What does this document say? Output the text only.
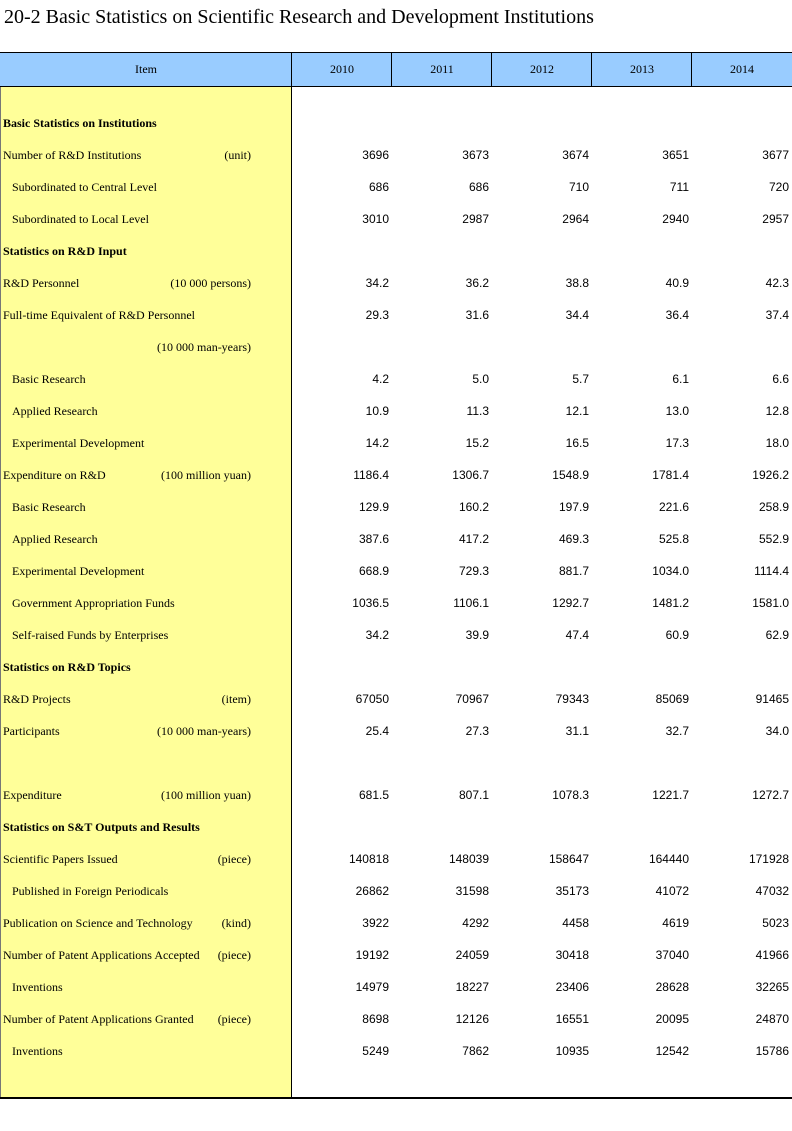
20-2 Basic Statistics on Scientific Research and Development Institutions
Item	2010	2011	2012	2013	2014
Basic Statistics on Institutions
Number of R&D Institutions	(unit)	3696	3673	3674	3651	3677
Subordinated to Central Level	686	686	710	711	720
Subordinated to Local Level	3010	2987	2964	2940	2957
Statistics on R&D Input
R&D Personnel	(10 000 persons)	34.2	36.2	38.8	40.9	42.3
Full-time Equivalent of R&D Personnel	29.3	31.6	34.4	36.4	37.4
(10 000 man-years)
Basic Research	4.2	5.0	5.7	6.1	6.6
Applied Research	10.9	11.3	12.1	13.0	12.8
Experimental Development	14.2	15.2	16.5	17.3	18.0
Expenditure on R&D	(100 million yuan)	1186.4	1306.7	1548.9	1781.4	1926.2
Basic Research	129.9	160.2	197.9	221.6	258.9
Applied Research	387.6	417.2	469.3	525.8	552.9
Experimental Development	668.9	729.3	881.7	1034.0	1114.4
Government Appropriation Funds	1036.5	1106.1	1292.7	1481.2	1581.0
Self-raised Funds by Enterprises	34.2	39.9	47.4	60.9	62.9
Statistics on R&D Topics
R&D Projects	(item)	67050	70967	79343	85069	91465
Participants	(10 000 man-years)	25.4	27.3	31.1	32.7	34.0
Expenditure	(100 million yuan)	681.5	807.1	1078.3	1221.7	1272.7
Statistics on S&T Outputs and Results
Scientific Papers Issued	(piece)	140818	148039	158647	164440	171928
Published in Foreign Periodicals	26862	31598	35173	41072	47032
Publication on Science and Technology (kind)	3922	4292	4458	4619	5023
Number of Patent Applications Accepted (piece)	19192	24059	30418	37040	41966
Inventions	14979	18227	23406	28628	32265
Number of Patent Applications Granted (piece)	8698	12126	16551	20095	24870
Inventions	5249	7862	10935	12542	15786
